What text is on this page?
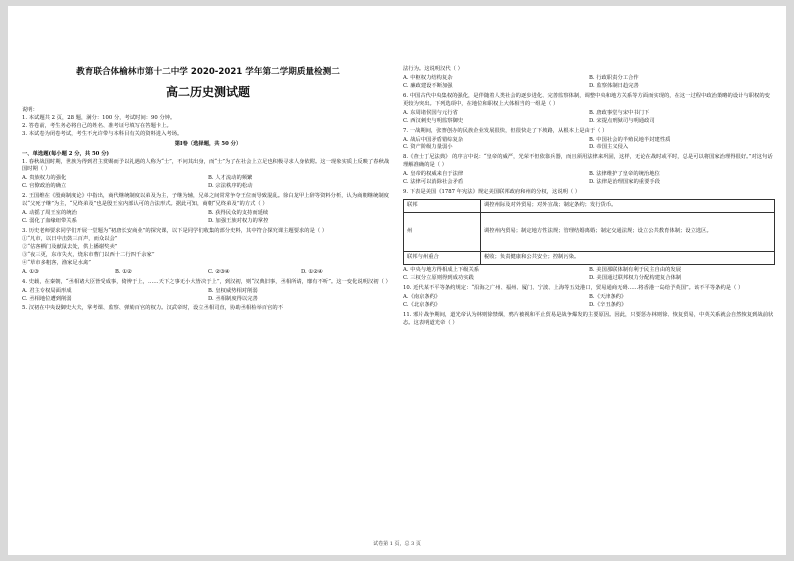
教育联合体榆林市第十二中学 2020-2021 学年第二学期质量检测二
高二历史测试题

说明：

1. 本试题共 2 页，28 题，满分：100 分，考试时间：90 分钟。

2. 答卷前，考生务必将自己的姓名、准考证号填写在答题卡上。

3. 本试卷为闭卷考试，考生不允许带与本科目有关的资料进入考场。

第Ⅰ卷（选择题，共 50 分）
一、单选题(每小题 2 分，共 50 分)

1. 春秋战国时期，世族为得到君主赏赐而予以礼遇的人称为“士”，不问其出身，而“士”为了在社会上立足也积极寻求人身依附。这一现象实质上反映了春秋战国时期（ ）

A. 贵族权力的强化	B. 人才流动的频繁
C. 官僚政治的确立	D. 宗法秩序的松动

2. 王国维在《殷商制度论》中指出，商代继统制度以弟及为主，子继为辅，兄弟之间常常争夺王位而导致混乱。徐白龙甲上辞等资料分析，认为商朝继统制度以“父死子继”为主，“兄终弟及”也是殷王室内部认可的合法形式。据此可知，商朝“兄终弟及”的方式（ ）

A. 动摇了周王室的统治	B. 获得民众的支持而延续
C. 弱化了血缘纽带关系	D. 加强王族对权力的掌控

3. 历史老师要求同学们开展一堂题为“初唐长安商业”的探究课，以下是同学们收集的部分史料，其中符合探究课主题要求的是（ ）

①“凡市，以日中击鼓三百声，而众以会”

②“估客栖门及献鼠去处，供上播谢奖卖”

③“夜三更，东市失火，烧东市曹门以西十二行四千余家”

④“草市多粗客，渔家足水禽”

A. ①③	B. ①②	C. ②③④	D. ①②④

4. 史载，在秦朝，“丞相诸大臣皆受成事，倚辨于上，……天下之事无小大皆决于上”，到汉初，则“汉典旧事，丞相所请，靡有不听”。这一变化说明汉初（ ）

A. 君主专权局面形成	B. 皇权威势相对削弱
C. 丞相地位遭到削弱	D. 丞相制度得以完善

5. 汉初在中央设御史大夫，掌考课、监察、弹劾百官的权力。汉武帝时，设立丞相司直，协助丞相检举百官的不

法行为。这说明汉代（ ）

A. 中枢权力结构复杂	B. 行政职责分工合作
C. 廉政建设不断加强	D. 监察体制日趋完善

6. 中国古代中央集权的强化，是伴随着人类社会的逐步进化、完善监察体制，调整中央和地方关系等方面而实现的，在这一过程中政治策略的设计与职权的变更较为突出。下列选项中，在地位和职权上大体相当的一组是（ ）

A. 东周诸侯国与元行省	B. 唐政事堂与宋中书门下
C. 西汉刺史与明监察御史	D. 宋提点刑狱司与明通政司

7. 一战期间，张謇创办的民族企业发展很快，但很快走了下坡路，从根本上是由于（ ）

A. 战后中国矛盾错综复杂	B. 中国社会的半殖民地半封建性质
C. 资产阶级力量弱小	D. 帝国主义侵入

8.《查士丁尼法典》 的序言中说：“皇帝的威严，光荣不但依靠兵器，而且须用法律来巩固，这样，无论在战时或平时，总是可以将国家治理得很好。”对这句话理解准确的是（ ）

A. 皇帝的权威来自于法律	B. 法律维护了皇帝的统治地位
C. 法律可以消除社会矛盾	D. 法律是治理国家的重要手段

9. 下表是美国《1787 年宪法》规定美国联邦政府和州的分权，这说明（ ）

联邦	调控州际及对外贸易；对外宣战；制定条约；发行货币。
州	调控州内贸易；制定地方性法规；管理结婚离婚；制定交通法规；设立公共教育体制；设立选区。
联邦与州重合	税收；负责健康和公共安全；控制污染。
A. 中央与地方得相成上下级关系	B. 美国那联体制有利于民主自由的发展
C. 三权分立原则得到成功实践	D. 美国通过联邦权力分配构建复合体制

10. 近代某不平等条约规定：“沿海之广州、福州、厦门、宁波、上海等五处港口，贸易通商无碍……将香港一岛给予英国”。该不平等条约是（ ）

A.《南京条约》	B.《天津条约》
C.《北京条约》	D.《辛丑条约》

11. 邪片战争期间，道光帝认为林则徐禁烟，鸦片被视和平止贸易是战争爆发的主要原因。因此，只要惩办林则徐、恢复贸易，中英关系就会自然恢复到战前状态。这表明道光帝（ ）

试卷第 1 页，总 3 页
